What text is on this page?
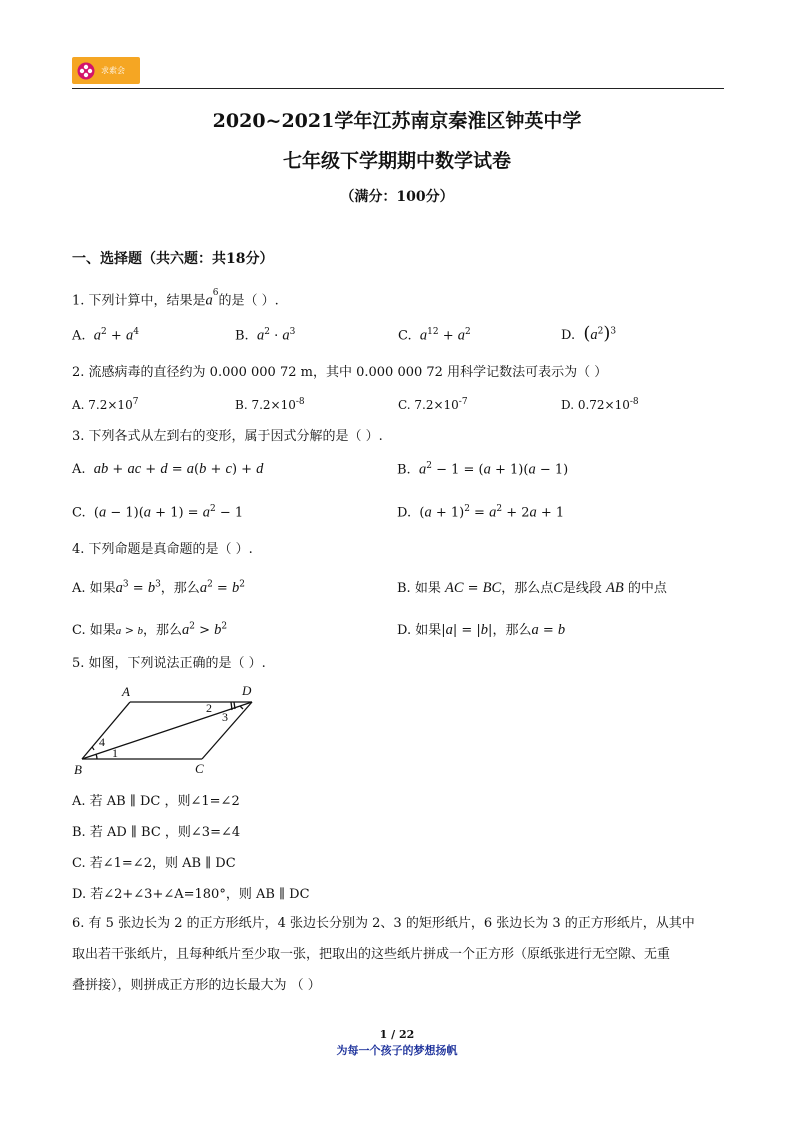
求索会
2020~2021学年江苏南京秦淮区钟英中学
七年级下学期期中数学试卷
（满分：100分）
一、选择题（共六题：共18分）
1. 下列计算中，结果是$a^6$的是（ ）.
A. $a^2 + a^4$	B. $a^2 \cdot a^3$	C. $a^{12} + a^2$	D. $(a^2)^3$
2. 流感病毒的直径约为 0.000 000 72 m，其中 0.000 000 72 用科学记数法可表示为（ ）
A. $7.2\times 10^7$	B. $7.2\times 10^{-8}$	C. $7.2\times 10^{-7}$	D. $0.72\times 10^{-8}$
3. 下列各式从左到右的变形，属于因式分解的是（ ）.
A. ab + ac + d = a(b + c) + d	B. $a^2 - 1 = (a + 1)(a - 1)$
C.  $(a - 1)(a + 1) = a^2 - 1$	D.  $(a + 1)^2 = a^2 + 2a + 1$
4. 下列命题是真命题的是（ ）.
A. 如果$a^3 = b^3$，那么$a^2 = b^2$	B. 如果 AC = BC，那么点C是线段 AB 的中点
C. 如果a > b，那么$a^2 > b^2$	D. 如果|a| = |b|，那么a = b
5. 如图，下列说法正确的是（ ）.
A	D
B	C
1
2
3
4
A. 若 AB ∥ DC ，则∠1=∠2
B. 若 AD ∥ BC ，则∠3=∠4
C. 若∠1=∠2，则 AB ∥ DC
D. 若∠2+∠3+∠A=180°，则 AB ∥ DC
6. 有 5 张边长为 2 的正方形纸片，4 张边长分别为 2、3 的矩形纸片，6 张边长为 3 的正方形纸片，从其中
取出若干张纸片，且每种纸片至少取一张，把取出的这些纸片拼成一个正方形（原纸张进行无空隙、无重
叠拼接），则拼成正方形的边长最大为 （ ）
1 / 22
为每一个孩子的梦想扬帆
